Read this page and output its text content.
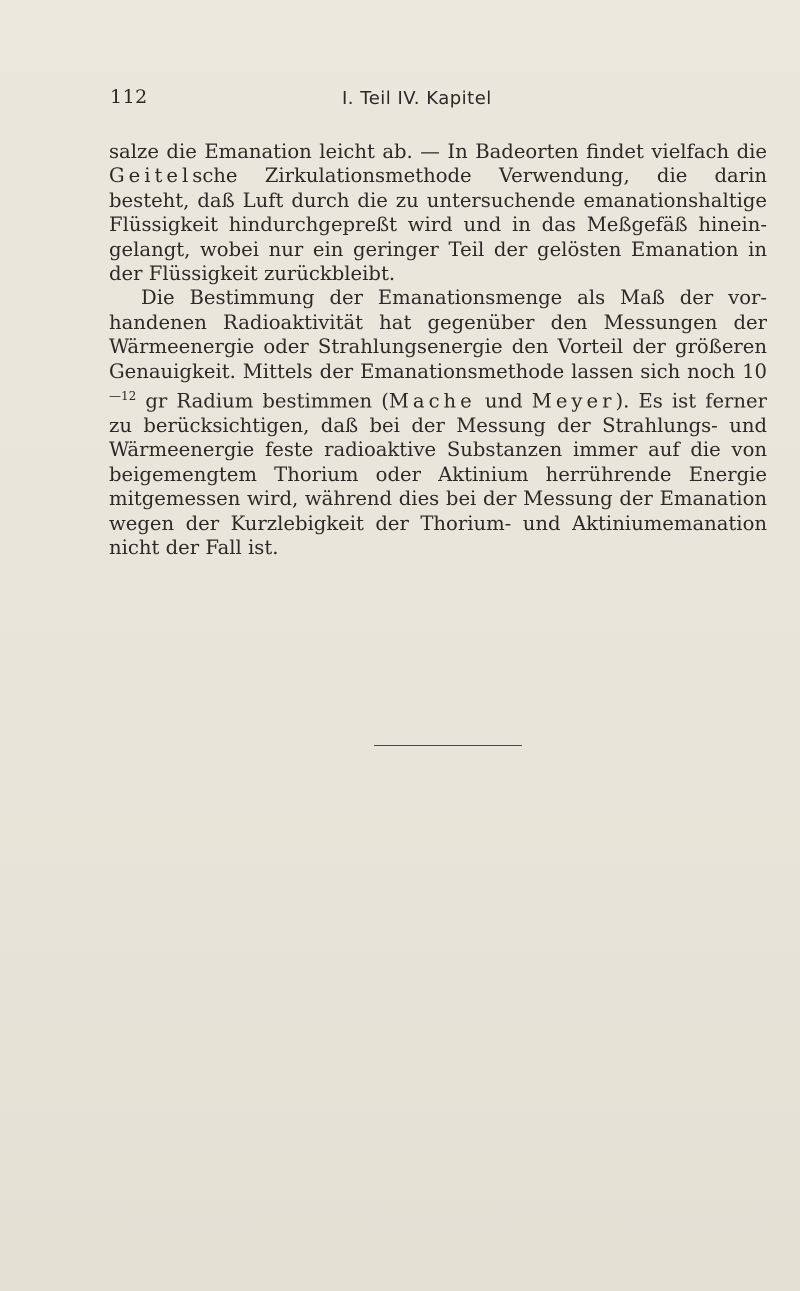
112	I. Teil IV. Kapitel

salze die Emanation leicht ab. — In Badeorten findet vielfach die Geitelsche Zirkulationsmethode Verwendung, die darin besteht, daß Luft durch die zu untersuchende emanationshaltige Flüssigkeit hindurchgepreßt wird und in das Meßgefäß hineingelangt, wobei nur ein geringer Teil der gelösten Emanation in der Flüssigkeit zurückbleibt.

Die Bestimmung der Emanationsmenge als Maß der vorhandenen Radioaktivität hat gegenüber den Messungen der Wärmeenergie oder Strahlungsenergie den Vorteil der größeren Genauigkeit. Mittels der Emanationsmethode lassen sich noch $10^{—12}$ gr Radium bestimmen (Mache und Meyer). Es ist ferner zu berücksichtigen, daß bei der Messung der Strahlungs- und Wärmeenergie feste radioaktive Substanzen immer auf die von beigemengtem Thorium oder Aktinium herrührende Energie mitgemessen wird, während dies bei der Messung der Emanation wegen der Kurzlebigkeit der Thorium- und Aktiniumemanation nicht der Fall ist.
